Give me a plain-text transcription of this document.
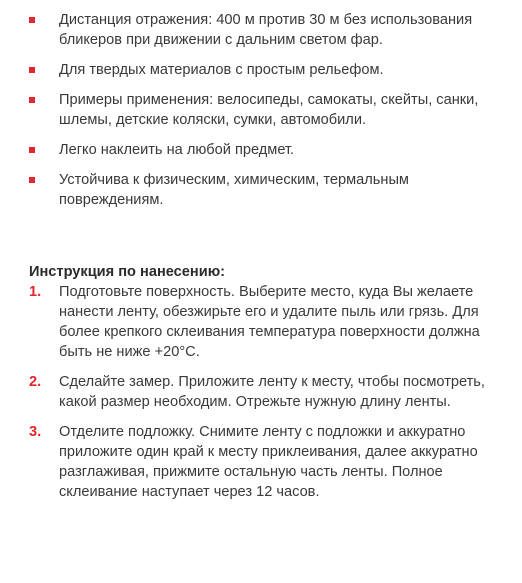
Дистанция отражения: 400 м против 30 м без использования бликеров при движении с дальним светом фар.
Для твердых материалов с простым рельефом.
Примеры применения: велосипеды, самокаты, скейты, санки, шлемы, детские коляски, сумки, автомобили.
Легко наклеить на любой предмет.
Устойчива к физическим, химическим, термальным повреждениям.
Инструкция по нанесению:
1. Подготовьте поверхность. Выберите место, куда Вы желаете нанести ленту, обезжирьте его и удалите пыль или грязь. Для более крепкого склеивания температура поверхности должна быть не ниже +20°C.
2. Сделайте замер. Приложите ленту к месту, чтобы посмотреть, какой размер необходим. Отрежьте нужную длину ленты.
3. Отделите подложку. Снимите ленту с подложки и аккуратно приложите один край к месту приклеивания, далее аккуратно разглаживая, прижмите остальную часть ленты. Полное склеивание наступает через 12 часов.
